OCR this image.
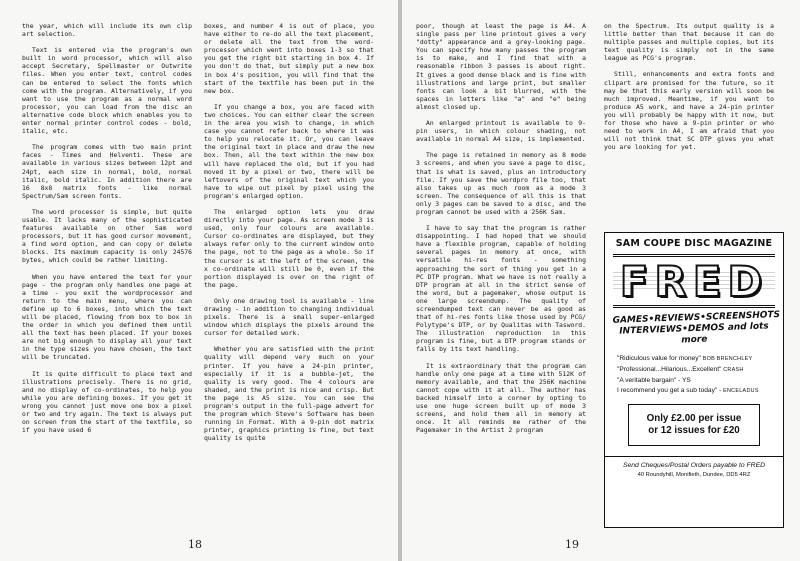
the year, which will include its own clip art selection.

Text is entered via the program's own built in word processor, which will also accept Secretary, Spellmaster or Outwrite files. When you enter text, control codes can be entered to select the fonts which come with the program. Alternatively, if you want to use the program as a normal word processor, you can load from the disc an alternative code block which enables you to enter normal printer control codes - bold, italic, etc.

The program comes with two main print faces - Times and Helventi. These are available in various sizes between 12pt and 24pt, each size in normal, bold, normal italic, bold italic. In addition there are 16 8x8 matrix fonts - like normal Spectrum/Sam screen fonts.

The word processor is simple, but quite usable. It lacks many of the sophisticated features available on other Sam word processors, but it has good cursor movement, a find word option, and can copy or delete blocks. Its maximum capacity is only 24576 bytes, which could be rather limiting.

When you have entered the text for your page - the program only handles one page at a time - you exit the wordprocessor and return to the main menu, where you can define up to 6 boxes, into which the text will be placed, flowing from box to box in the order in which you defined them until all the text has been placed. If your boxes are not big enough to display all your text in the type sizes you have chosen, the text will be truncated.

It is quite difficult to place text and illustrations precisely. There is no grid, and no display of co-ordinates, to help you while you are defining boxes. If you get it wrong you cannot just move one box a pixel or two and try again. The text is always put on screen from the start of the textfile, so if you have used 6

boxes, and number 4 is out of place, you have either to re-do all the text placement, or delete all the text from the word-processor which went into boxes 1-3 so that you get the right bit starting in box 4. If you don't do that, but simply put a new box in box 4's position, you will find that the start of the textfile has been put in the new box.

If you change a box, you are faced with two choices. You can either clear the screen in the area you wish to change, in which case you cannot refer back to where it was to help you relocate it. Or, you can leave the original text in place and draw the new box. Then, all the text within the new box will have replaced the old, but if you had moved it by a pixel or two, there will be leftovers of the original text which you have to wipe out pixel by pixel using the program's enlarged option.

The enlarged option lets you draw directly into your page. As screen mode 3 is used, only four colours are available. Cursor co-ordinates are displayed, but they always refer only to the current window onto the page, not to the page as a whole. So if the cursor is at the left of the screen, the x co-ordinate will still be 0, even if the portion displayed is over on the right of the page.

Only one drawing tool is available - line drawing - in addition to changing individual pixels. There is a small super-enlarged window which displays the pixels around the cursor for detailed work.

Whether you are satisfied with the print quality will depend very much on your printer. If you have a 24-pin printer, especially if it is a bubble-jet, the quality is very good. The 4 colours are shaded, and the print is nice and crisp. But the page is A5 size. You can see the program's output in the full-page advert for the program which Steve's Software has been running in Format. With a 9-pin dot matrix printer, graphics printing is fine, but text quality is quite

18

poor, though at least the page is A4. A single pass per line printout gives a very "dotty" appearance and a grey-looking page. You can specify how many passes the program is to make, and I find that with a reasonable ribbon 3 passes is about right. It gives a good dense black and is fine with illustrations and large print, but smaller fonts can look a bit blurred, with the spaces in letters like "a" and "e" being almost closed up.

An enlarged printout is available to 9-pin users, in which colour shading, not available in normal A4 size, is implemented.

The page is retained in memory as 8 mode 3 screens, and when you save a page to disc, that is what is saved, plus an introductory file. If you save the wordpro file too, that also takes up as much room as a mode 3 screen. The consequence of all this is that only 3 pages can be saved to a disc, and the program cannot be used with a 256K Sam.

I have to say that the program is rather disappointing. I had hoped that we should have a flexible program, capable of holding several pages in memory at once, with versatile hi-res fonts - something approaching the sort of thing you get in a PC DTP program. What we have is not really a DTP program at all in the strict sense of the word, but a pagemaker, whose output is one large screendump. The quality of screendumped text can never be as good as that of hi-res fonts like those used by PCG/ Polytype's DTP, or by Qualitas with Tasword. The illustration reproduction in this program is fine, but a DTP program stands or falls by its text handling.

It is extraordinary that the program can handle only one page at a time with 512K of memory available, and that the 256K machine cannot cope with it at all. The author has backed himself into a corner by opting to use one huge screen built up of mode 3 screens, and hold them all in memory at once. It all reminds me rather of the Pagemaker in the Artist 2 program

on the Spectrum. Its output quality is a little better than that because it can do multiple passes and multiple copies, but its text quality is simply not in the same league as PCG's program.

Still, enhancements and extra fonts and clipart are promised for the future, so it may be that this early version will soon be much improved. Meantime, if you want to produce A5 work, and have a 24-pin printer you will probably be happy with it now, but for those who have a 9-pin printer or who need to work in A4, I am afraid that you will not think that SC DTP gives you what you are looking for yet.

SAM COUPE DISC MAGAZINE
FRED
GAMES•REVIEWS•SCREENSHOTS
INTERVIEWS•DEMOS and lots more
"Ridiculous value for money" BOB BRENCHLEY
"Professional...Hilarious...Excellent" CRASH
"A veritable bargain" - YS
I recommend you get a sub today" - ENCELADUS
Only £2.00 per issue
or 12 issues for £20
Send Cheques/Postal Orders payable to FRED
40 Roundyhill, Monifieth, Dundee, DD5 4RZ
19
